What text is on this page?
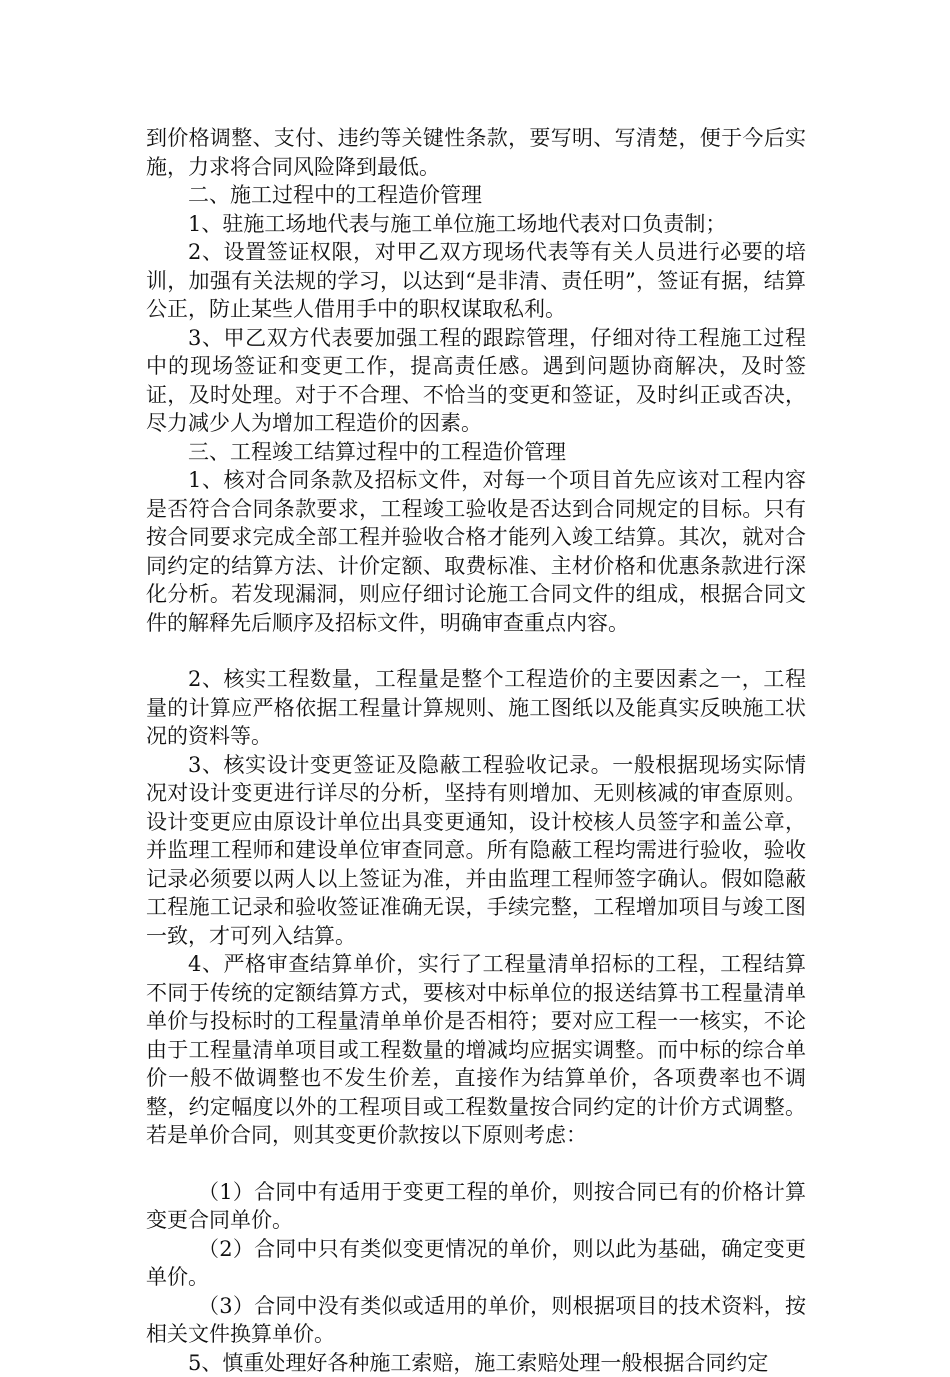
到价格调整、支付、违约等关键性条款，要写明、写清楚，便于今后实施，力求将合同风险降到最低。

二、施工过程中的工程造价管理

1、驻施工场地代表与施工单位施工场地代表对口负责制；

2、设置签证权限，对甲乙双方现场代表等有关人员进行必要的培训，加强有关法规的学习，以达到“是非清、责任明”，签证有据，结算公正，防止某些人借用手中的职权谋取私利。

3、甲乙双方代表要加强工程的跟踪管理，仔细对待工程施工过程中的现场签证和变更工作，提高责任感。遇到问题协商解决，及时签证，及时处理。对于不合理、不恰当的变更和签证，及时纠正或否决，尽力减少人为增加工程造价的因素。

三、工程竣工结算过程中的工程造价管理

1、核对合同条款及招标文件，对每一个项目首先应该对工程内容是否符合合同条款要求，工程竣工验收是否达到合同规定的目标。只有按合同要求完成全部工程并验收合格才能列入竣工结算。其次，就对合同约定的结算方法、计价定额、取费标准、主材价格和优惠条款进行深化分析。若发现漏洞，则应仔细讨论施工合同文件的组成，根据合同文件的解释先后顺序及招标文件，明确审查重点内容。

2、核实工程数量，工程量是整个工程造价的主要因素之一，工程量的计算应严格依据工程量计算规则、施工图纸以及能真实反映施工状况的资料等。

3、核实设计变更签证及隐蔽工程验收记录。一般根据现场实际情况对设计变更进行详尽的分析，坚持有则增加、无则核减的审查原则。设计变更应由原设计单位出具变更通知，设计校核人员签字和盖公章，并监理工程师和建设单位审查同意。所有隐蔽工程均需进行验收，验收记录必须要以两人以上签证为准，并由监理工程师签字确认。假如隐蔽工程施工记录和验收签证准确无误，手续完整，工程增加项目与竣工图一致，才可列入结算。

4、严格审查结算单价，实行了工程量清单招标的工程，工程结算不同于传统的定额结算方式，要核对中标单位的报送结算书工程量清单单价与投标时的工程量清单单价是否相符；要对应工程一一核实，不论由于工程量清单项目或工程数量的增减均应据实调整。而中标的综合单价一般不做调整也不发生价差，直接作为结算单价，各项费率也不调整，约定幅度以外的工程项目或工程数量按合同约定的计价方式调整。若是单价合同，则其变更价款按以下原则考虑：

（1）合同中有适用于变更工程的单价，则按合同已有的价格计算变更合同单价。

（2）合同中只有类似变更情况的单价，则以此为基础，确定变更单价。

（3）合同中没有类似或适用的单价，则根据项目的技术资料，按相关文件换算单价。

5、慎重处理好各种施工索赔，施工索赔处理一般根据合同约定
